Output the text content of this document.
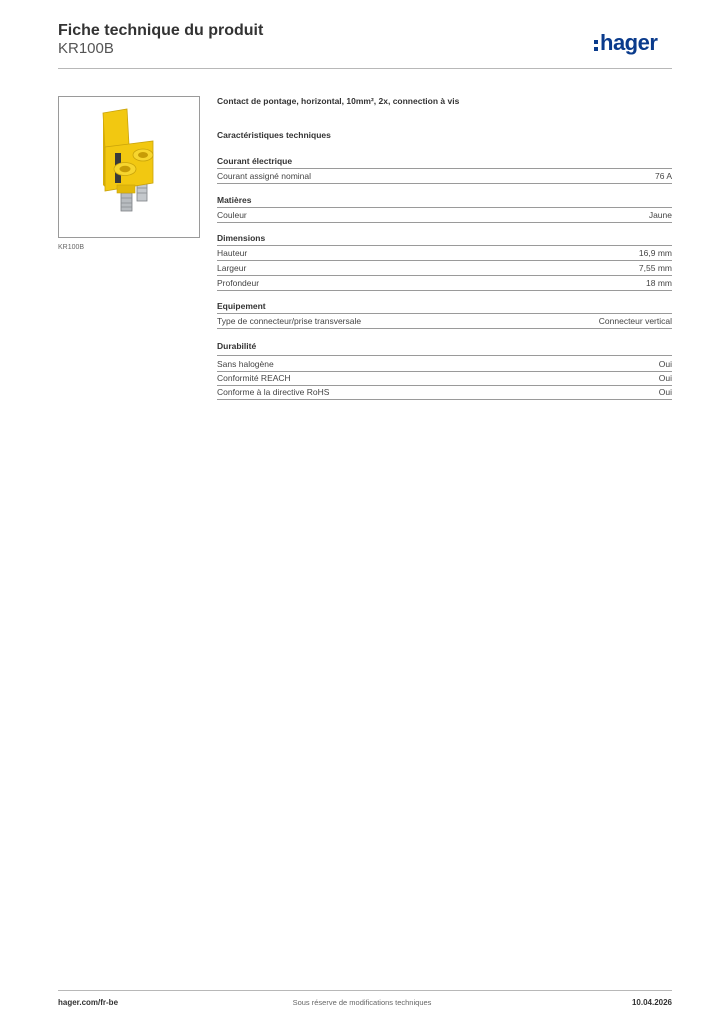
Fiche technique du produit
KR100B	hager
KR100B
Contact de pontage, horizontal, 10mm², 2x, connection à vis
Caractéristiques techniques
Courant électrique
Courant assigné nominal	76 A
Matières
Couleur	Jaune
Dimensions
Hauteur	16,9 mm
Largeur	7,55 mm
Profondeur	18 mm
Equipement
Type de connecteur/prise transversale	Connecteur vertical
Durabilité
Sans halogène	Oui
Conformité REACH	Oui
Conforme à la directive RoHS	Oui
hager.com/fr-be	Sous réserve de modifications techniques	10.04.2026
